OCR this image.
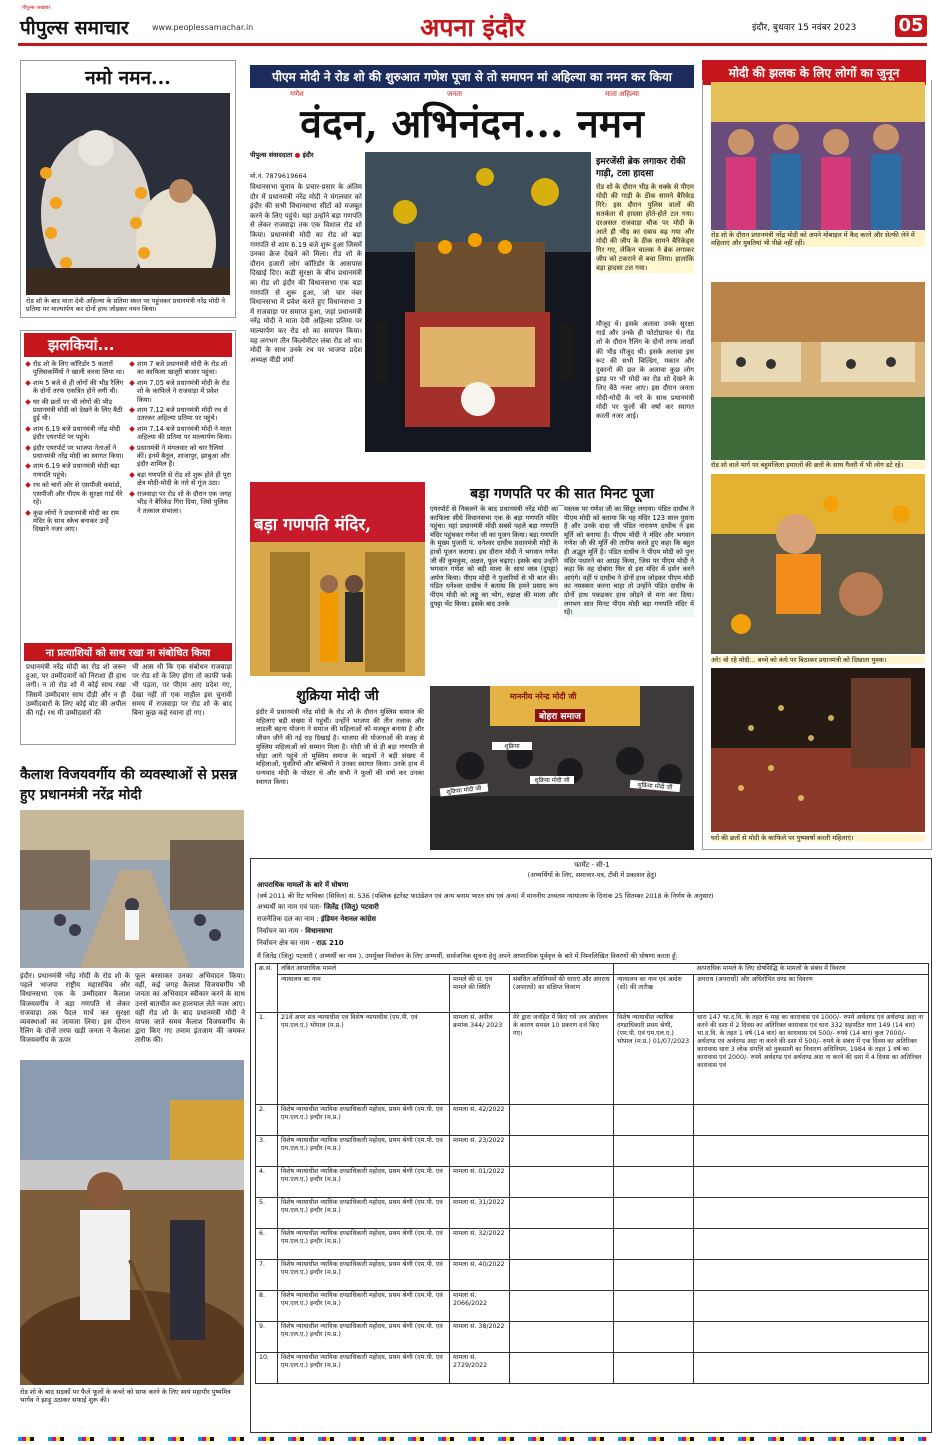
पीपुल्स अखबार
पीपुल्स समाचार	www.peoplessamachar.in	अपना इंदौर	इंदौर, बुधवार 15 नवंबर 2023 05
नमो नमन...
रोड शो के बाद माता देवी अहिल्या के प्रतिमा स्थल पर पहुंचकर प्रधानमंत्री नरेंद्र मोदी ने प्रतिमा पर माल्यार्पण कर दोनों हाथ जोड़कर नमन किया।
झलकियां...
रोड शो के लिए कॉरिडोर 5 कतारों पुलिसकर्मियों ने खाली करवा लिया था।
शाम 5 बजे से ही लोगों की भीड़ रैलिंग के दोनों तरफ एकत्रित होने लगी थी।
घर की छतों पर भी लोगों की भीड़ प्रधानमंत्री मोदी को देखने के लिए बैठी हुई थी।
शाम 6.19 बजे प्रधानमंत्री नरेंद्र मोदी इंदौर एयरपोर्ट पर पहुंचे।
इंदौर एयरपोर्ट पर भाजपा नेताओं ने प्रधानमंत्री नरेंद्र मोदी का स्वागत किया।
शाम 6.19 बजे प्रधानमंत्री मोदी बड़ा गणपति पहुंचे।
रथ को चारों ओर से एसपीजी कमांडो, एसपीजी और पीएम के सुरक्षा गार्ड घेरे रहे।
कुछ लोगों ने प्रधानमंत्री मोदी का राम मंदिर के साथ स्केच बनाकर उन्हें दिखाने नजर आए।
शाम 7 बजे प्रधानमंत्री मोदी के रोड शो का काफिला खजूरी बाजार पहुंचा।
शाम 7.05 बजे प्रधानमंत्री मोदी के रोड शो के काफिले ने राजवाड़ा में प्रवेश किया।
शाम 7.12 बजे प्रधानमंत्री मोदी रथ से उतरकर अहिल्या प्रतिमा पर पहुंचे।
शाम 7.14 बजे प्रधानमंत्री मोदी ने माता अहिल्या की प्रतिमा पर माल्यार्पण किया।
प्रधानमंत्री ने मंगलवार को चार रैलियां कीं। इनमें बैतूल, शाजापुर, झाबुआ और इंदौर शामिल हैं।
बड़ा गणपति से रोड शो शुरू होते ही पूरा क्षेत्र मोदी-मोदी के नारे से गूंज उठा।
राजवाड़ा पर रोड शो के दौरान एक जगह भीड़ ने बैरिकेड गिरा दिया, जिसे पुलिस ने तत्काल संभाला।
ना प्रत्याशियों को साथ रखा ना संबोधित किया
प्रधानमंत्री नरेंद्र मोदी का रोड शो जरूर हुआ, पर उम्मीदवारों को निराशा ही हाथ लगी। न तो रोड शो में कोई साथ रखा जिसमें उम्मीदवार साथ दौड़ी और न ही उम्मीदवारों के लिए कोई वोट की अपील की गई। रथ मी उम्मीदवारों की
भी आस थी कि एक संबोधन राजवाड़ा पर रोड शो के लिए होगा तो काफी फर्क भी पड़ता, पर पीएम आए प्रदेश गए, देखा नहीं तो एक माहौल इस चुनावी समय में राजवाड़ा पर रोड शो के बाद बिना कुछ कहे रवाना हो गए।
कैलाश विजयवर्गीय की व्यवस्थाओं से प्रसन्न हुए प्रधानमंत्री नरेंद्र मोदी
इंदौर। प्रधानमंत्री नरेंद्र मोदी के रोड शो के पहले भाजपा राष्ट्रीय महासचिव और विधानसभा एक के उम्मीदवार कैलाश विजयवर्गीय ने बड़ा गणपति से लेकर राजवाड़ा तक पैदल मार्च कर सुरक्षा व्यवस्थाओं का जायजा लिया। इस दौरान रैलिंग के दोनों तरफ खड़ी जनता ने कैलाश विजयवर्गीय के ऊपर
फूल बरसाकर उनका अभिवादन किया। वहीं, कई जगह कैलाश विजयवर्गीय भी जनता का अभिवादन स्वीकार करने के साथ उनसे बातचीत कर हालचाल लेते नजर आए। वहीं रोड शो के बाद प्रधानमंत्री मोदी ने वापस जाते समय कैलाश विजयवर्गीय के द्वारा किए गए तमाम इंतजाम की जमकर तारीफ की।
रोड शो के बाद सड़कों पर फैले फूलों के कचरे को साफ करने के लिए स्वयं महापौर पुष्यमित्र भार्गव ने झाड़ू उठाकर सफाई शुरू की।
पीएम मोदी ने रोड शो की शुरुआत गणेश पूजा से तो समापन मां अहिल्या का नमन कर किया
गणेश	जनता	माता अहिल्या
वंदन, अभिनंदन... नमन
पीपुल्स संवाददाता ● इंदौर
मो.नं. 7879619664
विधानसभा चुनाव के प्रचार-प्रसार के अंतिम दौर में प्रधानमंत्री नरेंद्र मोदी ने मंगलवार को इंदौर की सभी विधानसभा सीटों को मजबूत करने के लिए पहुंचे। यहां उन्होंने बड़ा गणपति से लेकर राजवाड़ा तक एक विशाल रोड शो किया। प्रधानमंत्री मोदी का रोड शो बड़ा गणपति से शाम 6.19 बजे शुरू हुआ जिसमें उनका क्रेज देखने को मिला। रोड शो के दौरान हजारों लोग कॉरिडोर के आसपास दिखाई दिए। कड़ी सुरक्षा के बीच प्रधानमंत्री का रोड शो इंदौर की विधानसभा एक बड़ा गणपति से शुरू हुआ, जो चार नंबर विधानसभा में प्रवेश करते हुए विधानसभा 3 में राजवाड़ा पर समाप्त हुआ, जहां प्रधानमंत्री नरेंद्र मोदी ने माता देवी अहिल्या प्रतिमा पर माल्यार्पण कर रोड शो का समापन किया। यह लगभग तीन किलोमीटर लंबा रोड शो था। मोदी के साथ उनके रथ पर भाजपा प्रदेश अध्यक्ष वीडी शर्मा
इमरजेंसी ब्रेक लगाकर रोकी गाड़ी, टला हादसा
रोड शो के दौरान भीड़ के धक्के से पीएम मोदी की गाड़ी के ठीक सामने बैरिकेड गिरे। इस दौरान पुलिस वालों की सतर्कता से हादसा होते-होते टल गया। दरअसल राजवाड़ा चौक पर मोदी के आते ही भीड़ का दबाव बढ़ गया और मोदी की जीप के ठीक सामने बैरिकेड्स गिर गए, लेकिन चालक ने ब्रेक लगाकर जीप को टकराने से बचा लिया। हालांकि बड़ा हादसा टल गया।
मौजूद थे। इसके अलावा उनके सुरक्षा गार्ड और उनके ही फोटोग्राफर थे। रोड शो के दौरान रैलिंग के दोनों तरफ लाखों की भीड़ मौजूद थी। इसके अलावा इस रूट की सभी बिल्डिंग, मकान और दुकानों की छत के अलावा कुछ लोग झाड़ पर भी मोदी का रोड शो देखने के लिए बैठे नजर आए। इस दौरान जनता मोदी-मोदी के नारे के साथ प्रधानमंत्री मोदी पर फूलों की वर्षा कर स्वागत करती नजर आई।
बड़ा गणपति मंदिर,
बड़ा गणपति पर की सात मिनट पूजा
एयरपोर्ट से निकलने के बाद प्रधानमंत्री नरेंद्र मोदी का काफिला सीधे विधानसभा एक के बड़ा गणपति मंदिर पहुंचा। यहां प्रधानमंत्री मोदी सबसे पहले बड़ा गणपति मंदिर पहुंचकर गणेश जी का पूजन किया। बड़ा गणपति के मुख्य पुजारी पं. धनेश्वर दाधीच प्रधानमंत्री मोदी के हाथों पूजन कराया। इस दौरान मोदी ने भगवान गणेश जी की कुमकुम, अक्षत, फूल चढ़ाए। इसके बाद उन्होंने भगवान गणेश को बड़ी माला के साथ वस्त्र (दुपट्टा) अर्पण किया। पीएम मोदी ने पुजारियों से भी बात की। पंडित धनेश्वर दाधीच ने बताया कि हमने प्रसाद रूप पीएम मोदी को लड्डू का भोग, रुद्राक्ष की माला और दुपट्टा भेंट किया। इसके बाद उनके
मस्तक पर गणेश जी का सिंदूर लगाया। पंडित दाधीच ने पीएम मोदी को बताया कि यह मंदिर 123 साल पुराना है और उनके दादा जी पंडित नारायण दाधीच ने इस मूर्ति को बनाया है। पीएम मोदी ने मंदिर और भगवान गणेश जी की मूर्ति की तारीफ करते हुए कहा कि बहुत ही अद्भुत मूर्ति है। पंडित दाधीच ने पीएम मोदी को पुनः मंदिर पधारने का आग्रह किया, जिस पर पीएम मोदी ने कहा कि वह दोबारा फिर से इस मंदिर में दर्शन करने आएंगे। वहीं पं दाधीच ने दोनों हाथ जोड़कर पीएम मोदी का नमस्कार करना चाहा तो उन्होंने पंडित दाधीच के दोनों हाथ पकड़कर हाथ जोड़ने से मना कर दिया। लगभग सात मिनट पीएम मोदी बड़ा गणपति मंदिर में रहे।
शुक्रिया मोदी जी
इंदौर में प्रधानमंत्री नरेंद्र मोदी के रोड शो के दौरान मुस्लिम समाज की महिलाएं बड़ी संख्या में पहुंचीं। उन्होंने भाजपा की तीन तलाक और लाडली बहना योजना ने समाज की महिलाओं को मजबूत बनाया है और जीवन जीने की नई राह दिखाई है। भाजपा की योजनाओं की वजह से मुस्लिम महिलाओं को सम्मान मिला है। मोदी जी से ही बड़ा गणपति से थोड़ा आगे पहुंचे तो मुस्लिम समाज के भाइयों ने बड़ी संख्या में महिलाओं, युवतियों और बच्चियों ने उनका स्वागत किया। उनके हाथ में धन्यवाद मोदी के पोस्टर थे और सभी ने फूलों की वर्षा कर उनका स्वागत किया।
माननीय नरेन्द्र मोदी जी
बोहरा समाज
शुक्रिया मोदी जी
शुक्रिया
शुक्रिया मोदी जी
शुक्रिया मोदी जी
मोदी की झलक के लिए लोगों का जुनून
रोड शो के दौरान प्रधानमंत्री नरेंद्र मोदी को अपने मोबाइल में कैद करने और सेल्फी लेने में महिलाएं और युवतियां भी पीछे नहीं रहीं।
रोड शो वाले मार्ग पर बहुमंजिला इमारतों की छतों के साथ गैलरी में भी लोग डटे रहे।
अरे! वो रहे मोदी... बच्चे को कंधे पर बिठाकर प्रधानमंत्री को दिखाता युवक।
घरों की छतों से मोदी के काफिले पर पुष्पवर्षा करती महिलाएं।
फार्मेट - सी-1
(अभ्यर्थियों के लिए, समाचार-पत्र, टीवी में प्रकाशन हेतु)
आपराधिक मामलों के बारे में घोषणा
(वर्ष 2011 की रिट याचिका (सिविल) सं. 536 (पब्लिक इंटरेस्ट फाउंडेशन एवं अन्य बनाम भारत संघ एवं अन्य) में माननीय उच्चतम न्यायालय के दिनांक 25 सितम्बर 2018 के निर्णय के अनुसार)
अभ्यर्थी का नाम एवं पता- जितेंद्र (जितू) पटवारी
राजनैतिक दल का नाम : इंडियन नेशनल कांग्रेस
निर्वाचन का नाम - विधानसभा
निर्वाचन क्षेत्र का नाम - राऊ 210
मैं जितेंद्र (जितू) पटवारी ( अभ्यर्थी का नाम ), उपर्युक्त निर्वाचन के लिए अभ्यर्थी, सार्वजनिक सूचना हेतु अपने आपराधिक पूर्ववृत्त के बारे में निम्नलिखित विवरणों की घोषणा करता हूँ:
क्र.सं.	लंबित आपराधिक मामले			आपराधिक मामले के लिए दोषसिद्धि के मामलों के संबंध में विवरण	
	न्यायालय का नाम	मामले की सं. एवं मामले की स्थिति	संबंधित अधिनियमों की धाराएं और अपराध (अपराधों) का संक्षिप्त विवरण	न्यायालय का नाम एवं आदेश (शों) की तारीख	अपराध (अपराधों) और अधिरोपित दण्ड का विवरण
1.	21वें अपर सत्र न्यायाधीश एवं विशेष न्यायाधीश (एम.पी. एवं एम.एल.ए.) भोपाल (म.प्र.)	मामला सं. अपील क्रमांक 344/ 2023	मेरे द्वारा जनहित में किए गये जन आंदोलन के कारण समस्त 10 प्रकरण दर्ज किए गए।	विशेष न्यायाधीश न्यायिक दण्डाधिकारी प्रथम श्रेणी, (एम.पी. एवं एम.एल.ए.) भोपाल (म.प्र.) 01/07/2023	धारा 147 भा.द.वि. के तहत 6 माह का कारावास एवं 1000/- रुपये अर्थदण्ड एवं अर्थदण्ड अदा ना करने की दशा में 2 दिवस का अतिरिक्त कारावास एवं धारा 332 सहपठित धारा 149 (14 बार) भा.द.वि. के तहत 1 वर्ष (14 बार) का कारावास एवं 500/- रुपये (14 बार) कुल 7000/- अर्थदण्ड एवं अर्थदण्ड अदा ना करने की दशा में 500/- रुपये के संबंध में एक दिवस का अतिरिक्त कारावास धारा 3 लोक संपत्ति को नुकसानी का निवारण अधिनियम, 1984 के तहत 1 वर्ष का कारावास एवं 2000/- रुपये अर्थदण्ड एवं अर्थदण्ड अदा ना करने की दशा में 4 दिवस का अतिरिक्त कारावास एवं
2.	विशेष न्यायाधीश न्यायिक दण्डाधिकारी महोदय, प्रथम श्रेणी (एम.पी. एवं एम.एल.ए.) इन्दौर (म.प्र.)	मामला सं. 42/2022			
3.	विशेष न्यायाधीश न्यायिक दण्डाधिकारी महोदय, प्रथम श्रेणी (एम.पी. एवं एम.एल.ए.) इन्दौर (म.प्र.)	मामला सं. 23/2022			
4.	विशेष न्यायाधीश न्यायिक दण्डाधिकारी महोदय, प्रथम श्रेणी (एम.पी. एवं एम.एल.ए.) इन्दौर (म.प्र.)	मामला सं. 01/2022			
5.	विशेष न्यायाधीश न्यायिक दण्डाधिकारी महोदय, प्रथम श्रेणी (एम.पी. एवं एम.एल.ए.) इन्दौर (म.प्र.)	मामला सं. 31/2022			
6.	विशेष न्यायाधीश न्यायिक दण्डाधिकारी महोदय, प्रथम श्रेणी (एम.पी. एवं एम.एल.ए.) इन्दौर (म.प्र.)	मामला सं. 32/2022			
7.	विशेष न्यायाधीश न्यायिक दण्डाधिकारी महोदय, प्रथम श्रेणी (एम.पी. एवं एम.एल.ए.) इन्दौर (म.प्र.)	मामला सं. 40/2022			
8.	विशेष न्यायाधीश न्यायिक दण्डाधिकारी महोदय, प्रथम श्रेणी (एम.पी. एवं एम.एल.ए.) इन्दौर (म.प्र.)	मामला सं. 2066/2022			
9.	विशेष न्यायाधीश न्यायिक दण्डाधिकारी महोदय, प्रथम श्रेणी (एम.पी. एवं एम.एल.ए.) इन्दौर (म.प्र.)	मामला सं. 38/2022			
10.	विशेष न्यायाधीश न्यायिक दण्डाधिकारी महोदय, प्रथम श्रेणी (एम.पी. एवं एम.एल.ए.) इन्दौर (म.प्र.)	मामला सं. 2729/2022			
